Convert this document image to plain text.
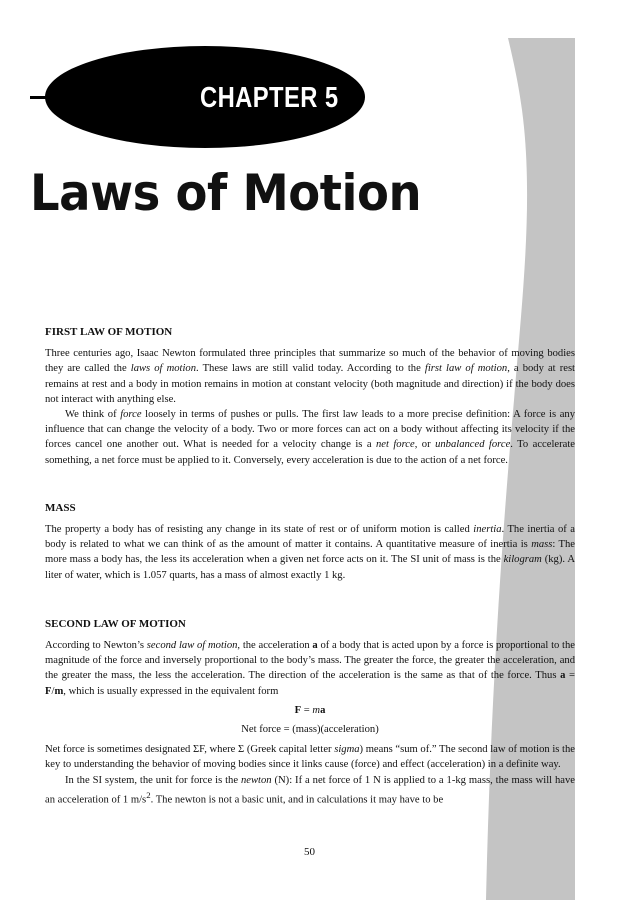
CHAPTER 5
Laws of Motion
FIRST LAW OF MOTION

Three centuries ago, Isaac Newton formulated three principles that summarize so much of the behavior of moving bodies they are called the laws of motion. These laws are still valid today. According to the first law of motion, a body at rest remains at rest and a body in motion remains in motion at constant velocity (both magnitude and direction) if the body does not interact with anything else.

We think of force loosely in terms of pushes or pulls. The first law leads to a more precise definition: A force is any influence that can change the velocity of a body. Two or more forces can act on a body without affecting its velocity if the forces cancel one another out. What is needed for a velocity change is a net force, or unbalanced force. To accelerate something, a net force must be applied to it. Conversely, every acceleration is due to the action of a net force.

MASS

The property a body has of resisting any change in its state of rest or of uniform motion is called inertia. The inertia of a body is related to what we can think of as the amount of matter it contains. A quantitative measure of inertia is mass: The more mass a body has, the less its acceleration when a given net force acts on it. The SI unit of mass is the kilogram (kg). A liter of water, which is 1.057 quarts, has a mass of almost exactly 1 kg.

SECOND LAW OF MOTION

According to Newton’s second law of motion, the acceleration a of a body that is acted upon by a force is proportional to the magnitude of the force and inversely proportional to the body’s mass. The greater the force, the greater the acceleration, and the greater the mass, the less the acceleration. The direction of the acceleration is the same as that of the force. Thus a = F/m, which is usually expressed in the equivalent form

F = ma
Net force = (mass)(acceleration)

Net force is sometimes designated ΣF, where Σ (Greek capital letter sigma) means “sum of.” The second law of motion is the key to understanding the behavior of moving bodies since it links cause (force) and effect (acceleration) in a definite way.

In the SI system, the unit for force is the newton (N): If a net force of 1 N is applied to a 1-kg mass, the mass will have an acceleration of 1 $m/s^2$. The newton is not a basic unit, and in calculations it may have to be

50
